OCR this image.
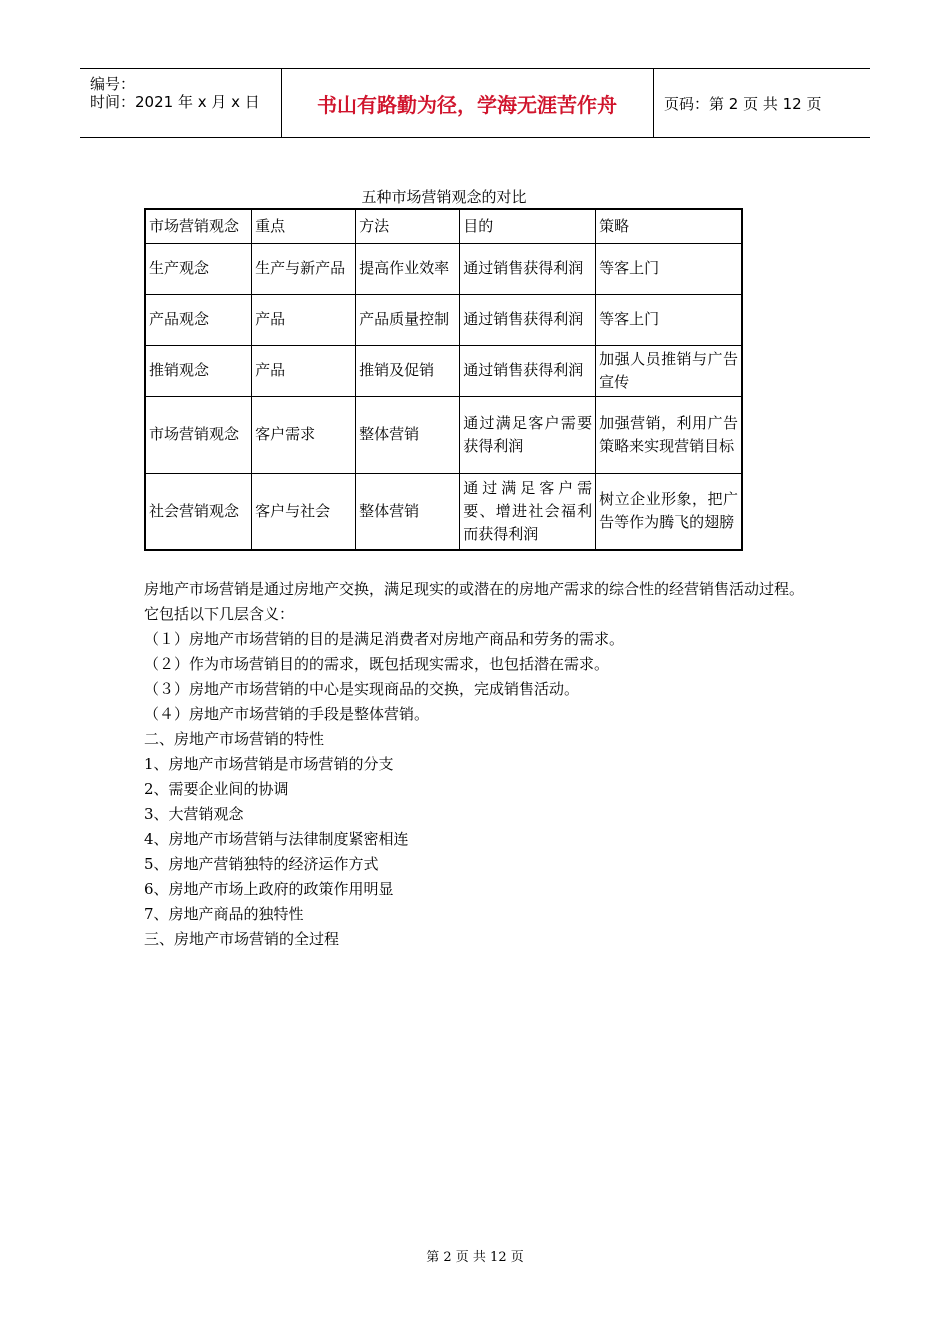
编号：
时间：2021 年 x 月 x 日	书山有路勤为径，学海无涯苦作舟	页码：第 2 页 共 12 页
五种市场营销观念的对比
市场营销观念	重点	方法	目的	策略
生产观念	生产与新产品	提高作业效率	通过销售获得利润	等客上门
产品观念	产品	产品质量控制	通过销售获得利润	等客上门
推销观念	产品	推销及促销	通过销售获得利润	加强人员推销与广告宣传
市场营销观念	客户需求	整体营销	通过满足客户需要获得利润	加强营销，利用广告策略来实现营销目标
社会营销观念	客户与社会	整体营销	通过满足客户需要、增进社会福利而获得利润	树立企业形象，把广告等作为腾飞的翅膀

房地产市场营销是通过房地产交换，满足现实的或潜在的房地产需求的综合性的经营销售活动过程。

它包括以下几层含义：

（１）房地产市场营销的目的是满足消费者对房地产商品和劳务的需求。

（２）作为市场营销目的的需求，既包括现实需求，也包括潜在需求。

（３）房地产市场营销的中心是实现商品的交换，完成销售活动。

（４）房地产市场营销的手段是整体营销。

二、房地产市场营销的特性

1、房地产市场营销是市场营销的分支

2、需要企业间的协调

3、大营销观念

4、房地产市场营销与法律制度紧密相连

5、房地产营销独特的经济运作方式

6、房地产市场上政府的政策作用明显

7、房地产商品的独特性

三、房地产市场营销的全过程

第 2 页 共 12 页
